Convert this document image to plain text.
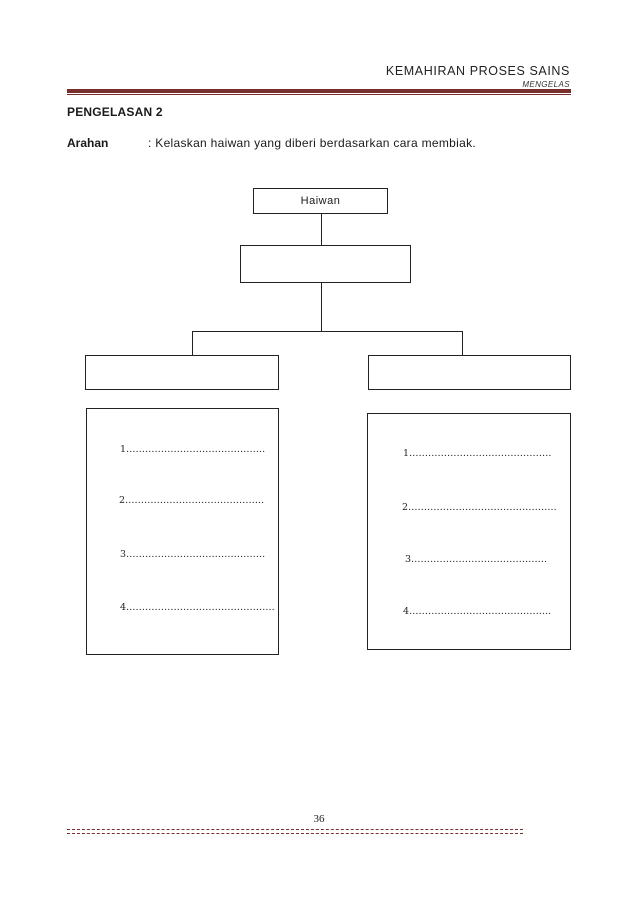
KEMAHIRAN PROSES SAINS
MENGELAS
PENGELASAN 2
Arahan	: Kelaskan haiwan yang diberi berdasarkan cara membiak.
Haiwan
1……………………………………..
2……………………………………..
3……………………………………..
4………………………………………..
1………………………………………
2………………………………………..
3…………………………………….
4……………………………………...
36
